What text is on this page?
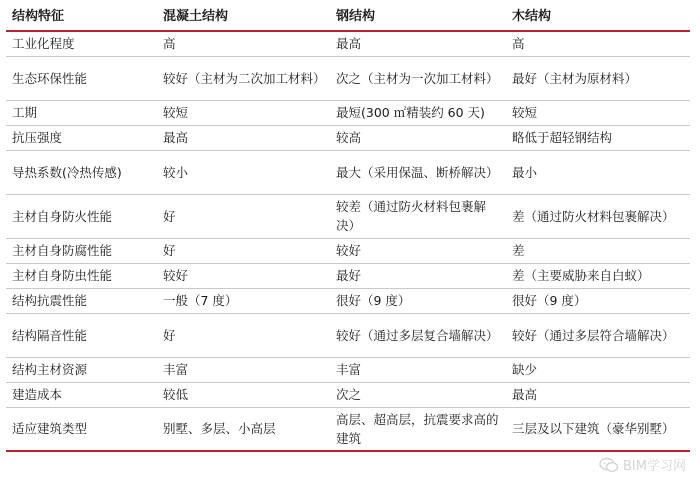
结构特征	混凝土结构	钢结构	木结构
工业化程度	高	最高	高
生态环保性能	较好（主材为二次加工材料）	次之（主材为一次加工材料）	最好（主材为原材料）
工期	较短	最短(300 ㎡精装约 60 天)	较短
抗压强度	最高	较高	略低于超轻钢结构
导热系数(冷热传感)	较小	最大（采用保温、断桥解决）	最小
主材自身防火性能	好	较差（通过防火材料包裹解决）	差（通过防火材料包裹解决）
主材自身防腐性能	好	较好	差
主材自身防虫性能	较好	最好	差（主要威胁来自白蚁）
结构抗震性能	一般（7 度）	很好（9 度）	很好（9 度）
结构隔音性能	好	较好（通过多层复合墙解决）	较好（通过多层符合墙解决）
结构主材资源	丰富	丰富	缺少
建造成本	较低	次之	最高
适应建筑类型	别墅、多层、小高层	高层、超高层，抗震要求高的建筑	三层及以下建筑（豪华别墅）
BIM学习网
